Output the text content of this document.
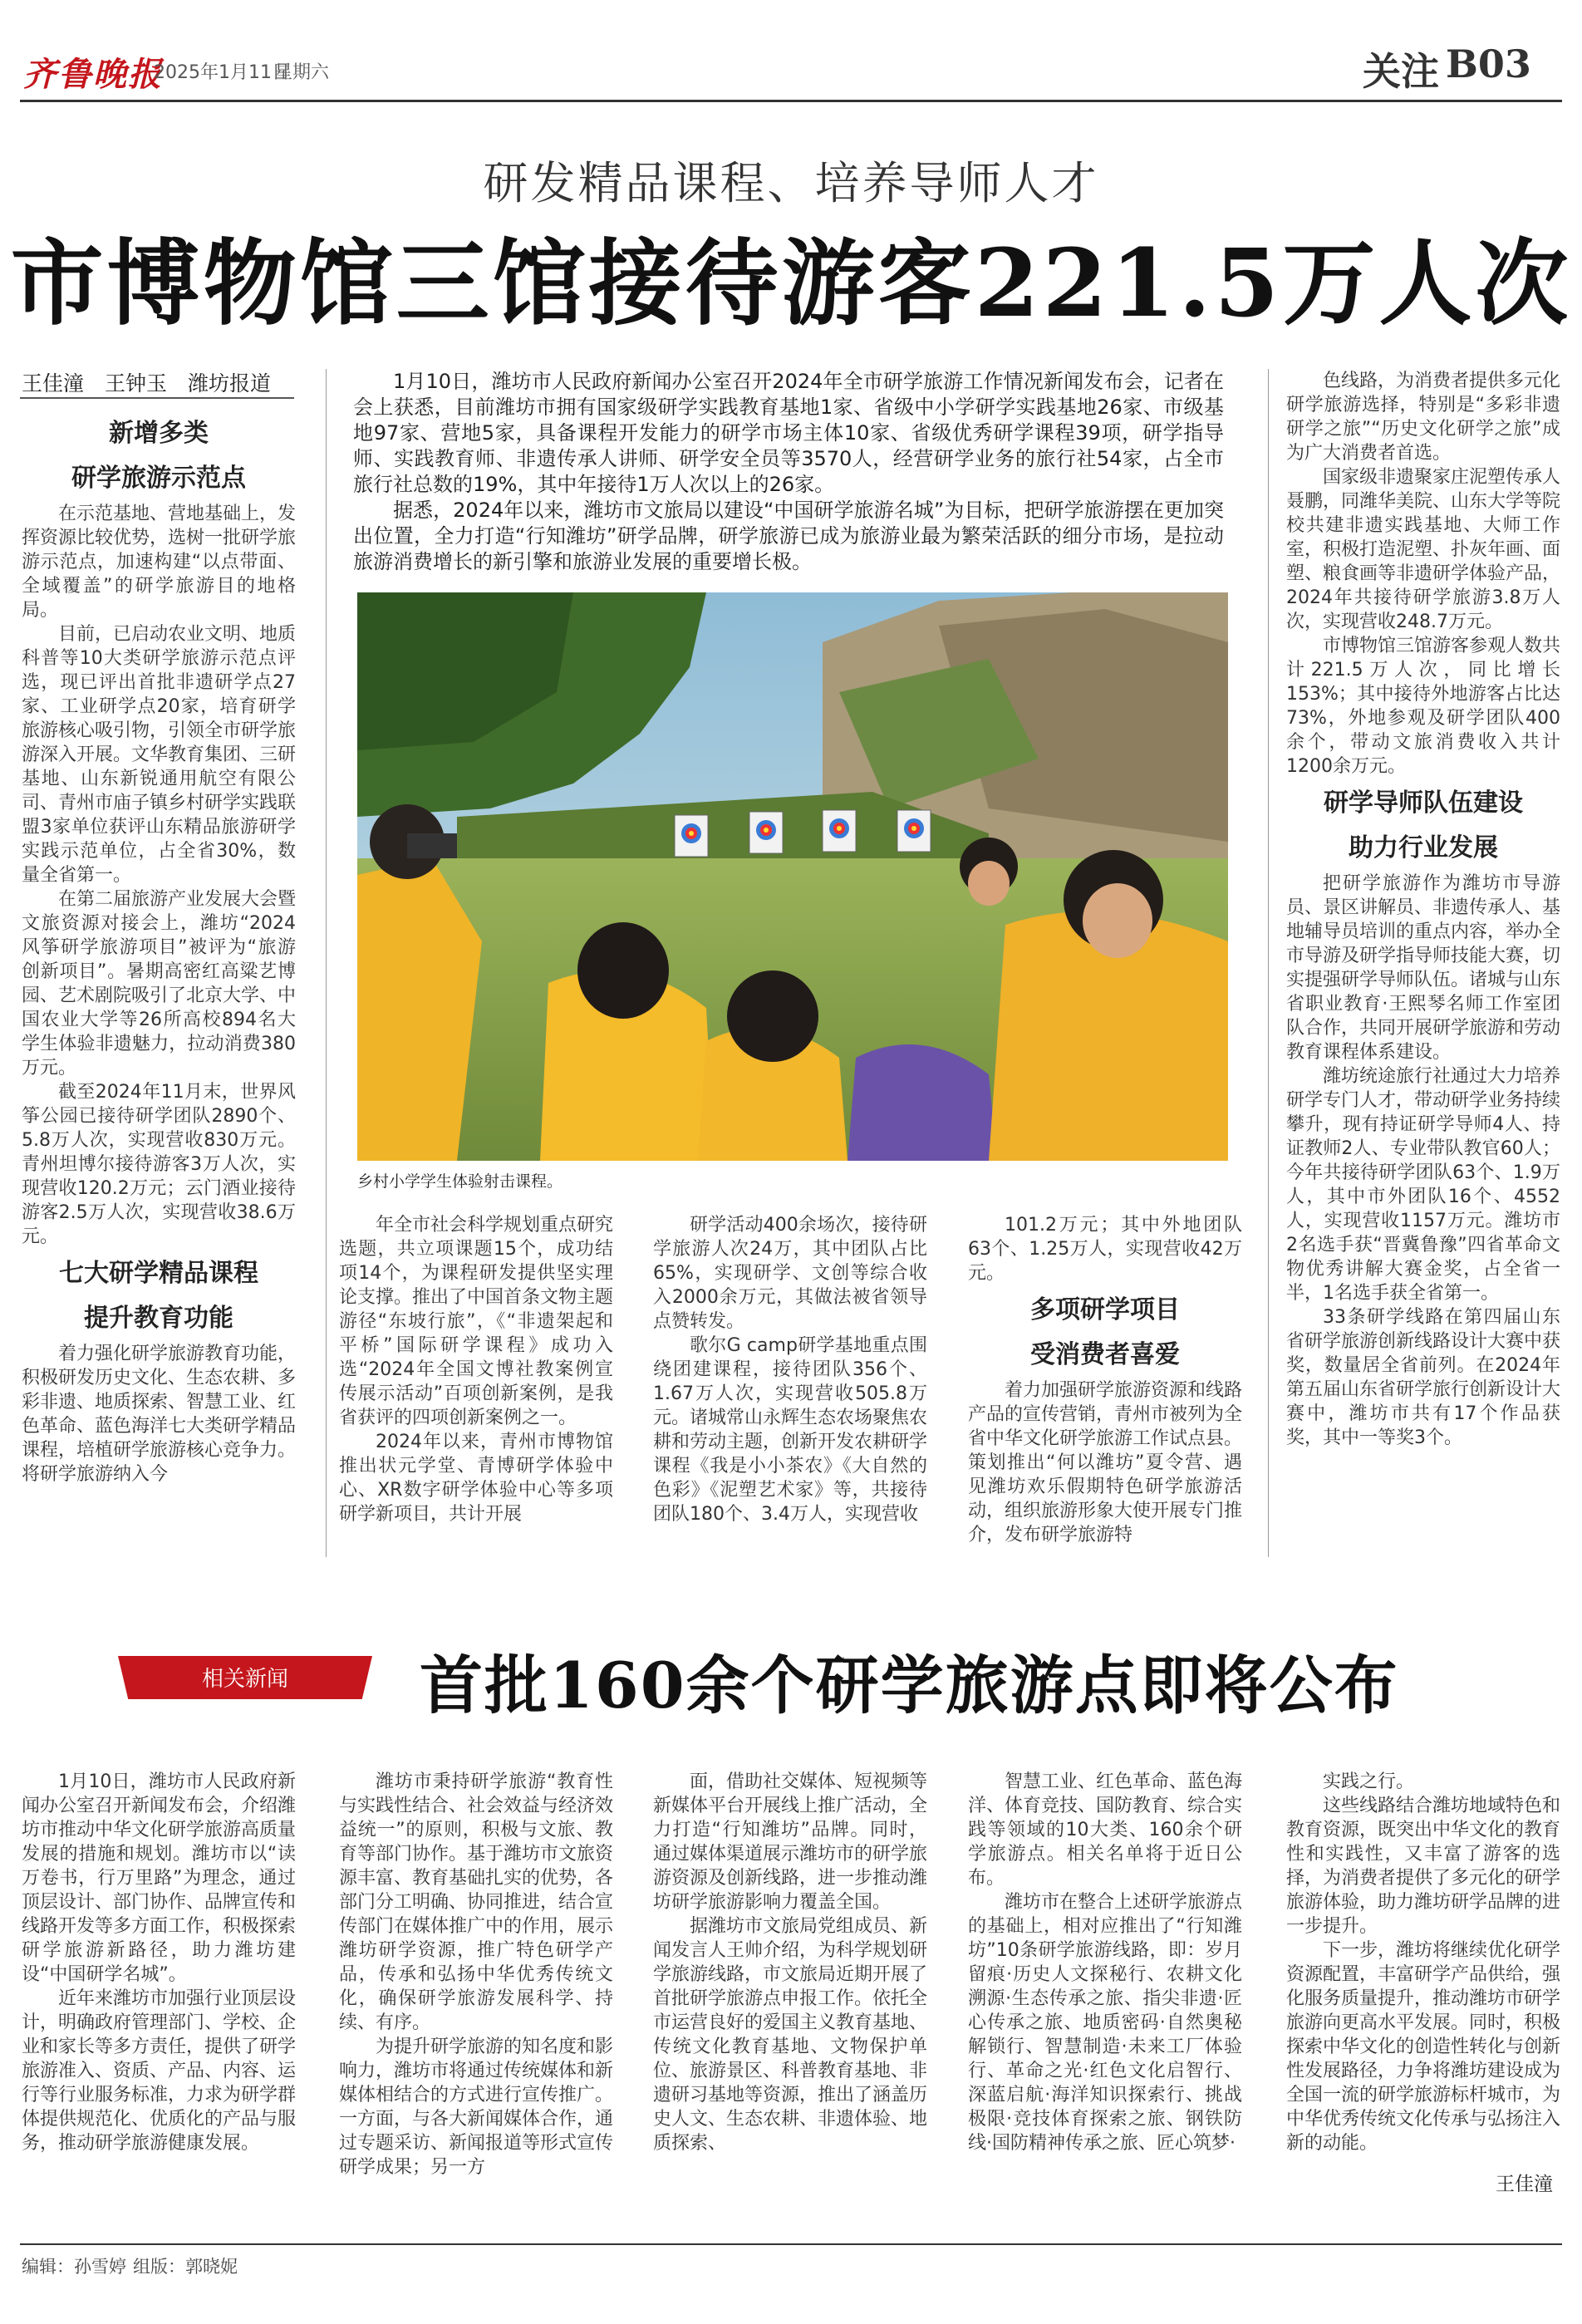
齐鲁晚报
2025年1月11日
星期六	关注 B03
研发精品课程、培养导师人才
市博物馆三馆接待游客221.5万人次
王佳潼　王钟玉　潍坊报道
新增多类
研学旅游示范点

在示范基地、营地基础上，发挥资源比较优势，选树一批研学旅游示范点，加速构建“以点带面、全域覆盖”的研学旅游目的地格局。

目前，已启动农业文明、地质科普等10大类研学旅游示范点评选，现已评出首批非遗研学点27家、工业研学点20家，培育研学旅游核心吸引物，引领全市研学旅游深入开展。文华教育集团、三研基地、山东新锐通用航空有限公司、青州市庙子镇乡村研学实践联盟3家单位获评山东精品旅游研学实践示范单位，占全省30%，数量全省第一。

在第二届旅游产业发展大会暨文旅资源对接会上，潍坊“2024风筝研学旅游项目”被评为“旅游创新项目”。暑期高密红高粱艺博园、艺术剧院吸引了北京大学、中国农业大学等26所高校894名大学生体验非遗魅力，拉动消费380万元。

截至2024年11月末，世界风筝公园已接待研学团队2890个、5.8万人次，实现营收830万元。青州坦博尔接待游客3万人次，实现营收120.2万元；云门酒业接待游客2.5万人次，实现营收38.6万元。

七大研学精品课程
提升教育功能

着力强化研学旅游教育功能，积极研发历史文化、生态农耕、多彩非遗、地质探索、智慧工业、红色革命、蓝色海洋七大类研学精品课程，培植研学旅游核心竞争力。将研学旅游纳入今

1月10日，潍坊市人民政府新闻办公室召开2024年全市研学旅游工作情况新闻发布会，记者在会上获悉，目前潍坊市拥有国家级研学实践教育基地1家、省级中小学研学实践基地26家、市级基地97家、营地5家，具备课程开发能力的研学市场主体10家、省级优秀研学课程39项，研学指导师、实践教育师、非遗传承人讲师、研学安全员等3570人，经营研学业务的旅行社54家，占全市旅行社总数的19%，其中年接待1万人次以上的26家。

据悉，2024年以来，潍坊市文旅局以建设“中国研学旅游名城”为目标，把研学旅游摆在更加突出位置，全力打造“行知潍坊”研学品牌，研学旅游已成为旅游业最为繁荣活跃的细分市场，是拉动旅游消费增长的新引擎和旅游业发展的重要增长极。

乡村小学学生体验射击课程。

年全市社会科学规划重点研究选题，共立项课题15个，成功结项14个，为课程研发提供坚实理论支撑。推出了中国首条文物主题游径“东坡行旅”，《“非遗架起和平桥”国际研学课程》成功入选“2024年全国文博社教案例宣传展示活动”百项创新案例，是我省获评的四项创新案例之一。

2024年以来，青州市博物馆推出状元学堂、青博研学体验中心、XR数字研学体验中心等多项研学新项目，共计开展

研学活动400余场次，接待研学旅游人次24万，其中团队占比65%，实现研学、文创等综合收入2000余万元，其做法被省领导点赞转发。

歌尔G camp研学基地重点围绕团建课程，接待团队356个、1.67万人次，实现营收505.8万元。诸城常山永辉生态农场聚焦农耕和劳动主题，创新开发农耕研学课程《我是小小茶农》《大自然的色彩》《泥塑艺术家》等，共接待团队180个、3.4万人，实现营收

101.2万元；其中外地团队63个、1.25万人，实现营收42万元。

多项研学项目
受消费者喜爱

着力加强研学旅游资源和线路产品的宣传营销，青州市被列为全省中华文化研学旅游工作试点县。策划推出“何以潍坊”夏令营、遇见潍坊欢乐假期特色研学旅游活动，组织旅游形象大使开展专门推介，发布研学旅游特

色线路，为消费者提供多元化研学旅游选择，特别是“多彩非遗研学之旅”“历史文化研学之旅”成为广大消费者首选。

国家级非遗聚家庄泥塑传承人聂鹏，同潍华美院、山东大学等院校共建非遗实践基地、大师工作室，积极打造泥塑、扑灰年画、面塑、粮食画等非遗研学体验产品，2024年共接待研学旅游3.8万人次，实现营收248.7万元。

市博物馆三馆游客参观人数共计221.5万人次，同比增长153%；其中接待外地游客占比达73%，外地参观及研学团队400余个，带动文旅消费收入共计1200余万元。

研学导师队伍建设
助力行业发展

把研学旅游作为潍坊市导游员、景区讲解员、非遗传承人、基地辅导员培训的重点内容，举办全市导游及研学指导师技能大赛，切实提强研学导师队伍。诸城与山东省职业教育·王熙琴名师工作室团队合作，共同开展研学旅游和劳动教育课程体系建设。

潍坊统途旅行社通过大力培养研学专门人才，带动研学业务持续攀升，现有持证研学导师4人、持证教师2人、专业带队教官60人；今年共接待研学团队63个、1.9万人，其中市外团队16个、4552人，实现营收1157万元。潍坊市2名选手获“晋冀鲁豫”四省革命文物优秀讲解大赛金奖，占全省一半，1名选手获全省第一。

33条研学线路在第四届山东省研学旅游创新线路设计大赛中获奖，数量居全省前列。在2024年第五届山东省研学旅行创新设计大赛中，潍坊市共有17个作品获奖，其中一等奖3个。

相关新闻	首批160余个研学旅游点即将公布

1月10日，潍坊市人民政府新闻办公室召开新闻发布会，介绍潍坊市推动中华文化研学旅游高质量发展的措施和规划。潍坊市以“读万卷书，行万里路”为理念，通过顶层设计、部门协作、品牌宣传和线路开发等多方面工作，积极探索研学旅游新路径，助力潍坊建设“中国研学名城”。

近年来潍坊市加强行业顶层设计，明确政府管理部门、学校、企业和家长等多方责任，提供了研学旅游准入、资质、产品、内容、运行等行业服务标准，力求为研学群体提供规范化、优质化的产品与服务，推动研学旅游健康发展。

潍坊市秉持研学旅游“教育性与实践性结合、社会效益与经济效益统一”的原则，积极与文旅、教育等部门协作。基于潍坊市文旅资源丰富、教育基础扎实的优势，各部门分工明确、协同推进，结合宣传部门在媒体推广中的作用，展示潍坊研学资源，推广特色研学产品，传承和弘扬中华优秀传统文化，确保研学旅游发展科学、持续、有序。

为提升研学旅游的知名度和影响力，潍坊市将通过传统媒体和新媒体相结合的方式进行宣传推广。一方面，与各大新闻媒体合作，通过专题采访、新闻报道等形式宣传研学成果；另一方

面，借助社交媒体、短视频等新媒体平台开展线上推广活动，全力打造“行知潍坊”品牌。同时，通过媒体渠道展示潍坊市的研学旅游资源及创新线路，进一步推动潍坊研学旅游影响力覆盖全国。

据潍坊市文旅局党组成员、新闻发言人王帅介绍，为科学规划研学旅游线路，市文旅局近期开展了首批研学旅游点申报工作。依托全市运营良好的爱国主义教育基地、传统文化教育基地、文物保护单位、旅游景区、科普教育基地、非遗研习基地等资源，推出了涵盖历史人文、生态农耕、非遗体验、地质探索、

智慧工业、红色革命、蓝色海洋、体育竞技、国防教育、综合实践等领域的10大类、160余个研学旅游点。相关名单将于近日公布。

潍坊市在整合上述研学旅游点的基础上，相对应推出了“行知潍坊”10条研学旅游线路，即：岁月留痕·历史人文探秘行、农耕文化溯源·生态传承之旅、指尖非遗·匠心传承之旅、地质密码·自然奥秘解锁行、智慧制造·未来工厂体验行、革命之光·红色文化启智行、深蓝启航·海洋知识探索行、挑战极限·竞技体育探索之旅、钢铁防线·国防精神传承之旅、匠心筑梦·

实践之行。

这些线路结合潍坊地域特色和教育资源，既突出中华文化的教育性和实践性，又丰富了游客的选择，为消费者提供了多元化的研学旅游体验，助力潍坊研学品牌的进一步提升。

下一步，潍坊将继续优化研学资源配置，丰富研学产品供给，强化服务质量提升，推动潍坊市研学旅游向更高水平发展。同时，积极探索中华文化的创造性转化与创新性发展路径，力争将潍坊建设成为全国一流的研学旅游标杆城市，为中华优秀传统文化传承与弘扬注入新的动能。

王佳潼
编辑：孙雪婷 组版：郭晓妮
